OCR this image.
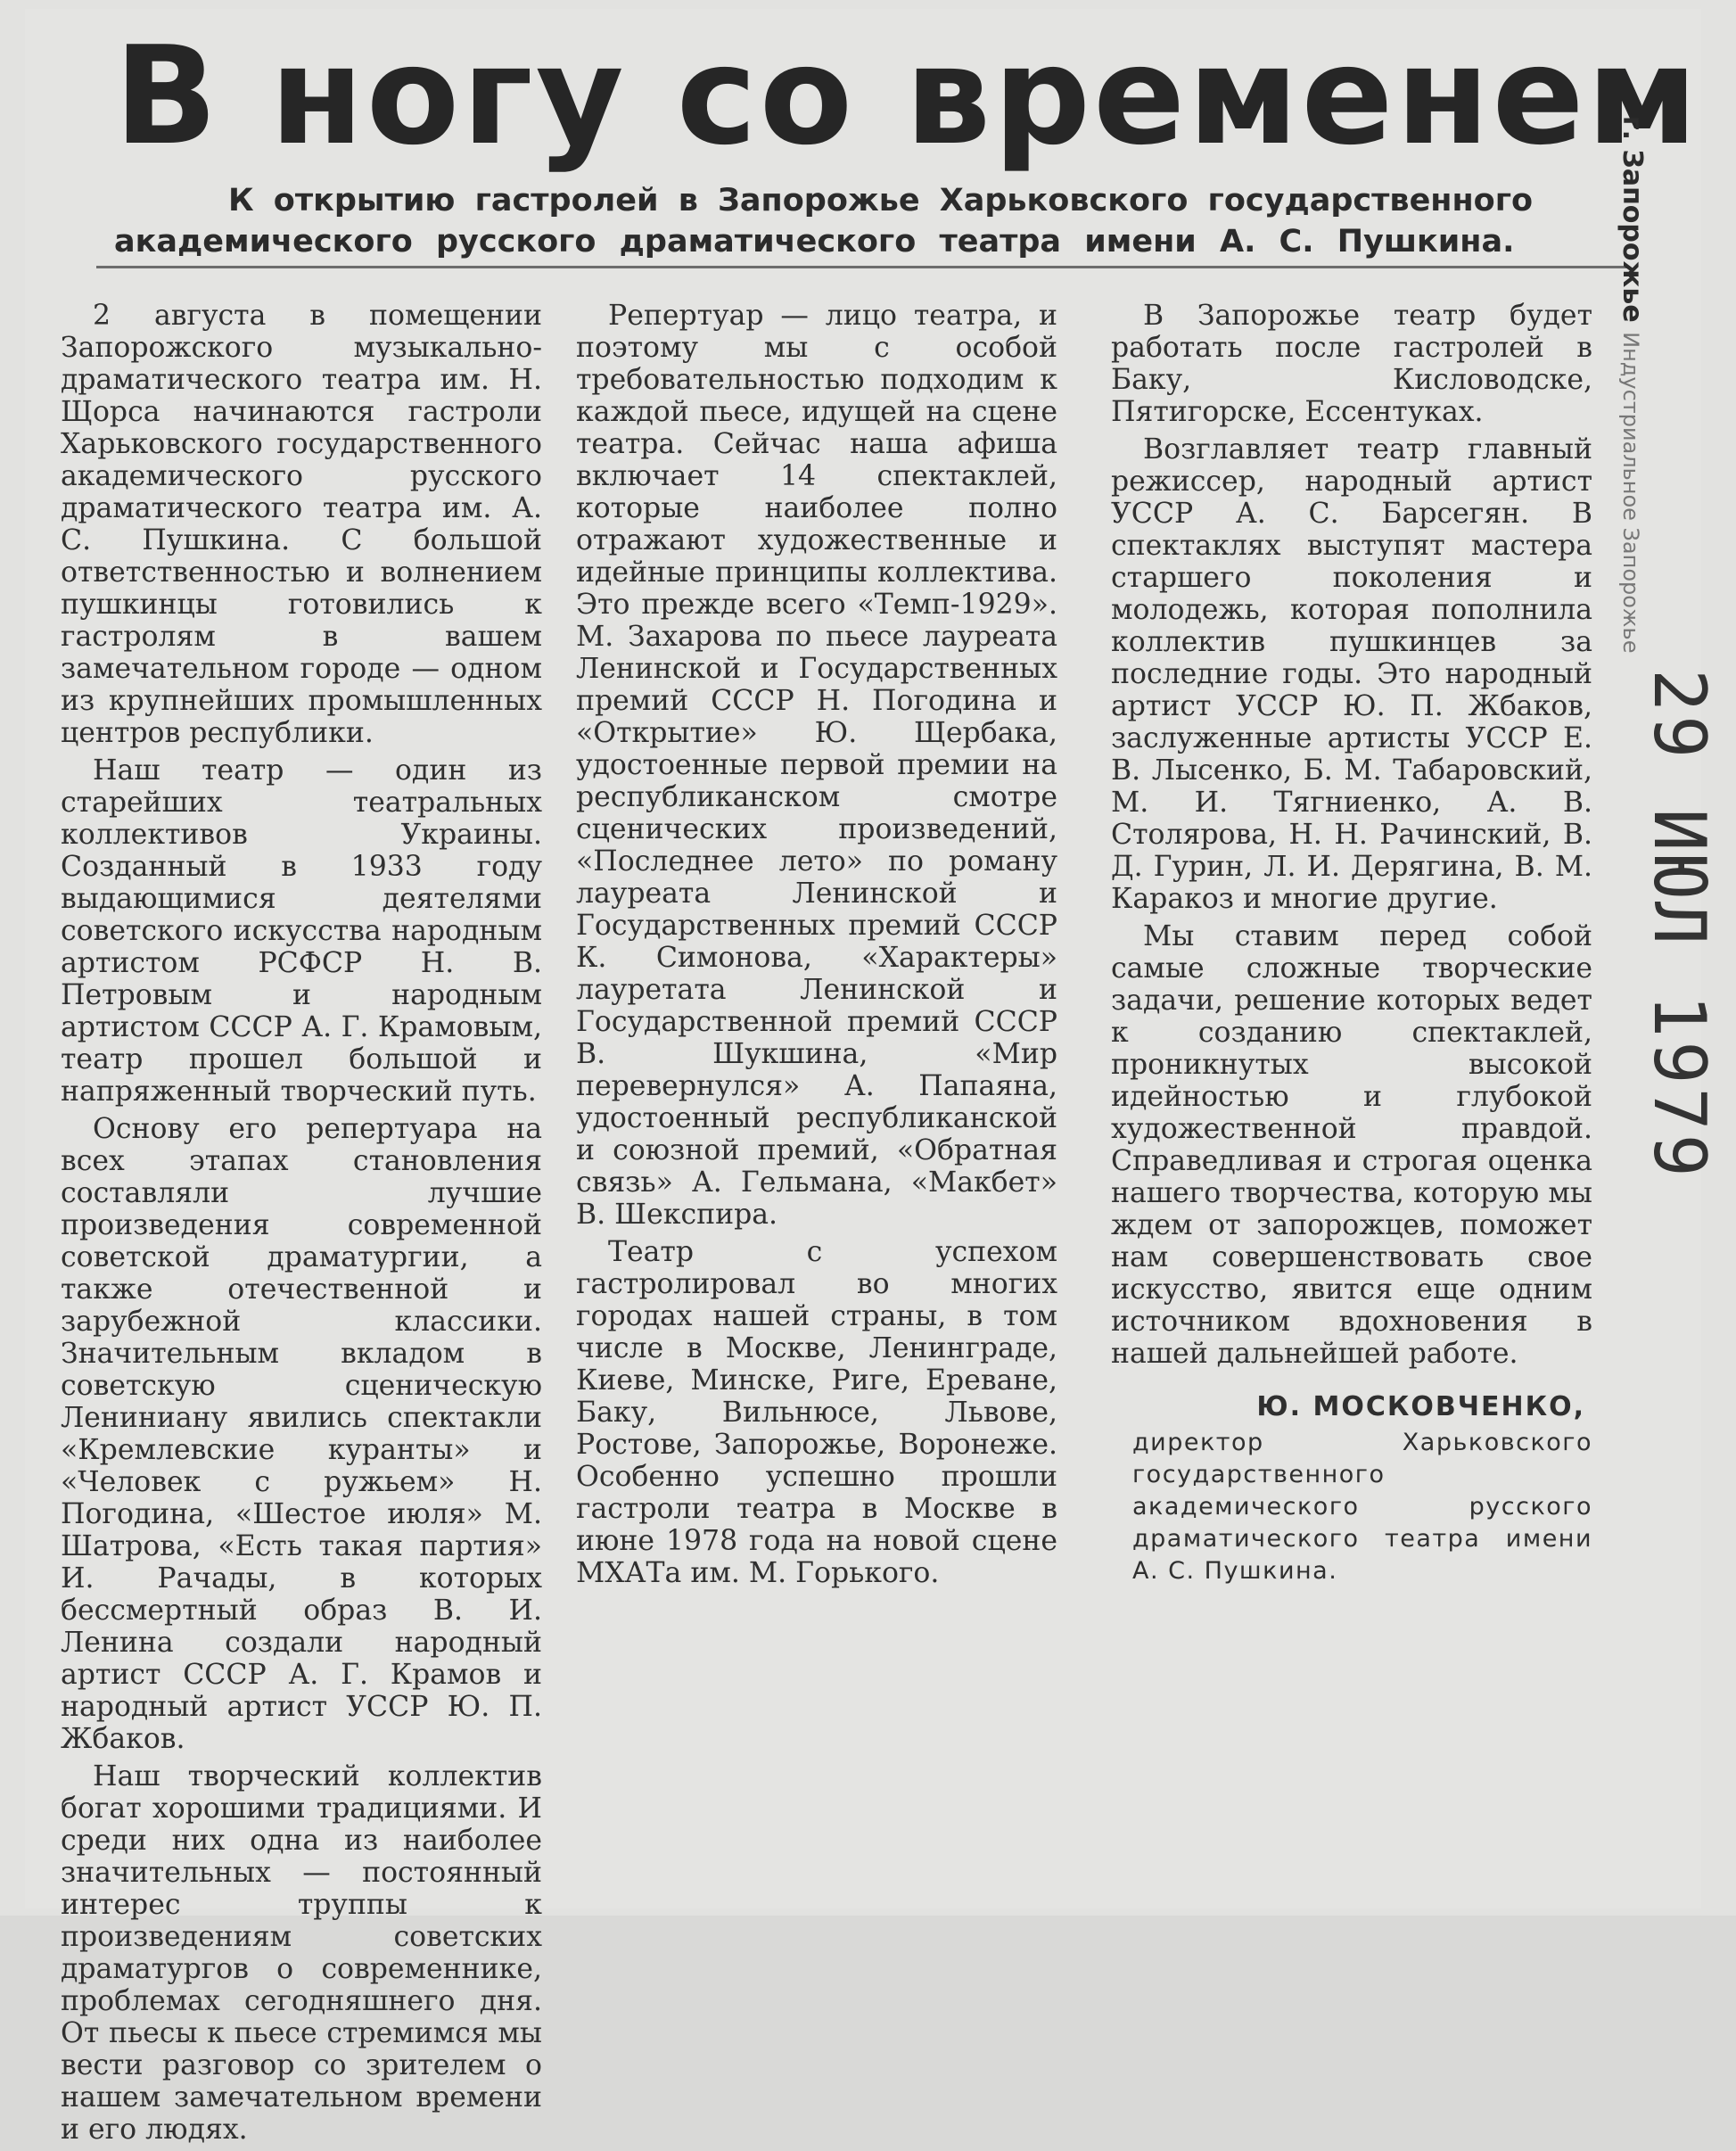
В ногу со временем

К открытию гастролей в Запорожье Харьковского государственного

академического русского драматического театра имени А. С. Пушкина.

2 августа в помещении Запорожского музыкально-драматического театра им. Н. Щорса начинаются гастроли Харьковского государственного академического русского драматического театра им. А. С. Пушкина. С большой ответственностью и волнением пушкинцы готовились к гастролям в вашем замечательном городе — одном из крупнейших промышленных центров республики.

Наш театр — один из старейших театральных коллективов Украины. Созданный в 1933 году выдающимися деятелями советского искусства народным артистом РСФСР Н. В. Петровым и народным артистом СССР А. Г. Крамовым, театр прошел большой и напряженный творческий путь.

Основу его репертуара на всех этапах становления составляли лучшие произведения современной советской драматургии, а также отечественной и зарубежной классики. Значительным вкладом в советскую сценическую Лениниану явились спектакли «Кремлевские куранты» и «Человек с ружьем» Н. Погодина, «Шестое июля» М. Шатрова, «Есть такая партия» И. Рачады, в которых бессмертный образ В. И. Ленина создали народный артист СССР А. Г. Крамов и народный артист УССР Ю. П. Жбаков.

Наш творческий коллектив богат хорошими традициями. И среди них одна из наиболее значительных — постоянный интерес труппы к произведениям советских драматургов о современнике, проблемах сегодняшнего дня. От пьесы к пьесе стремимся мы вести разговор со зрителем о нашем замечательном времени и его людях.

Репертуар — лицо театра, и поэтому мы с особой требовательностью подходим к каждой пьесе, идущей на сцене театра. Сейчас наша афиша включает 14 спектаклей, которые наиболее полно отражают художественные и идейные принципы коллектива. Это прежде всего «Темп-1929». М. Захарова по пьесе лауреата Ленинской и Государственных премий СССР Н. Погодина и «Открытие» Ю. Щербака, удостоенные первой премии на республиканском смотре сценических произведений, «Последнее лето» по роману лауреата Ленинской и Государственных премий СССР К. Симонова, «Характеры» лауретата Ленинской и Государственной премий СССР В. Шукшина, «Мир перевернулся» А. Папаяна, удостоенный республиканской и союзной премий, «Обратная связь» А. Гельмана, «Макбет» В. Шекспира.

Театр с успехом гастролировал во многих городах нашей страны, в том числе в Москве, Ленинграде, Киеве, Минске, Риге, Ереване, Баку, Вильнюсе, Львове, Ростове, Запорожье, Воронеже. Особенно успешно прошли гастроли театра в Москве в июне 1978 года на новой сцене МХАТа им. М. Горького.

В Запорожье театр будет работать после гастролей в Баку, Кисловодске, Пятигорске, Ессентуках.

Возглавляет театр главный режиссер, народный артист УССР А. С. Барсегян. В спектаклях выступят мастера старшего поколения и молодежь, которая пополнила коллектив пушкинцев за последние годы. Это народный артист УССР Ю. П. Жбаков, заслуженные артисты УССР Е. В. Лысенко, Б. М. Табаровский, М. И. Тягниенко, А. В. Столярова, Н. Н. Рачинский, В. Д. Гурин, Л. И. Дерягина, В. М. Каракоз и многие другие.

Мы ставим перед собой самые сложные творческие задачи, решение которых ведет к созданию спектаклей, проникнутых высокой идейностью и глубокой художественной правдой. Справедливая и строгая оценка нашего творчества, которую мы ждем от запорожцев, поможет нам совершенствовать свое искусство, явится еще одним источником вдохновения в нашей дальнейшей работе.

Ю. МОСКОВЧЕНКО,
директор Харьковского государственного академического русского драматического театра имени А. С. Пушкина.
г. Запорожье Индустриальное Запорожье
29 ИЮЛ 1979
